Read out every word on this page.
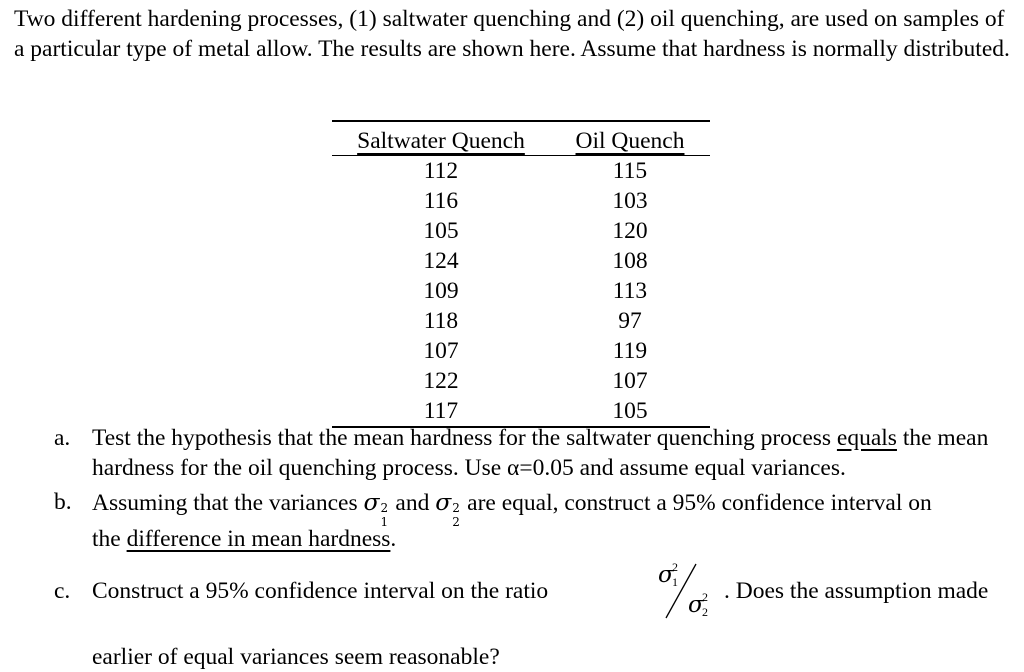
Two different hardening processes, (1) saltwater quenching and (2) oil quenching, are used on samples of a particular type of metal allow. The results are shown here. Assume that hardness is normally distributed.
Saltwater Quench	Oil Quench
112	115
116	103
105	120
124	108
109	113
118	97
107	119
122	107
117	105
a. Test the hypothesis that the mean hardness for the saltwater quenching process equals the mean hardness for the oil quenching process. Use α=0.05 and assume equal variances.
b. Assuming that the variances σ 2
1
and σ 2
2
are equal, construct a 95% confidence interval on
the difference in mean hardness.
c. Construct a 95% confidence interval on the ratio
σ
2
1
σ
2
2
. Does the assumption made
earlier of equal variances seem reasonable?
